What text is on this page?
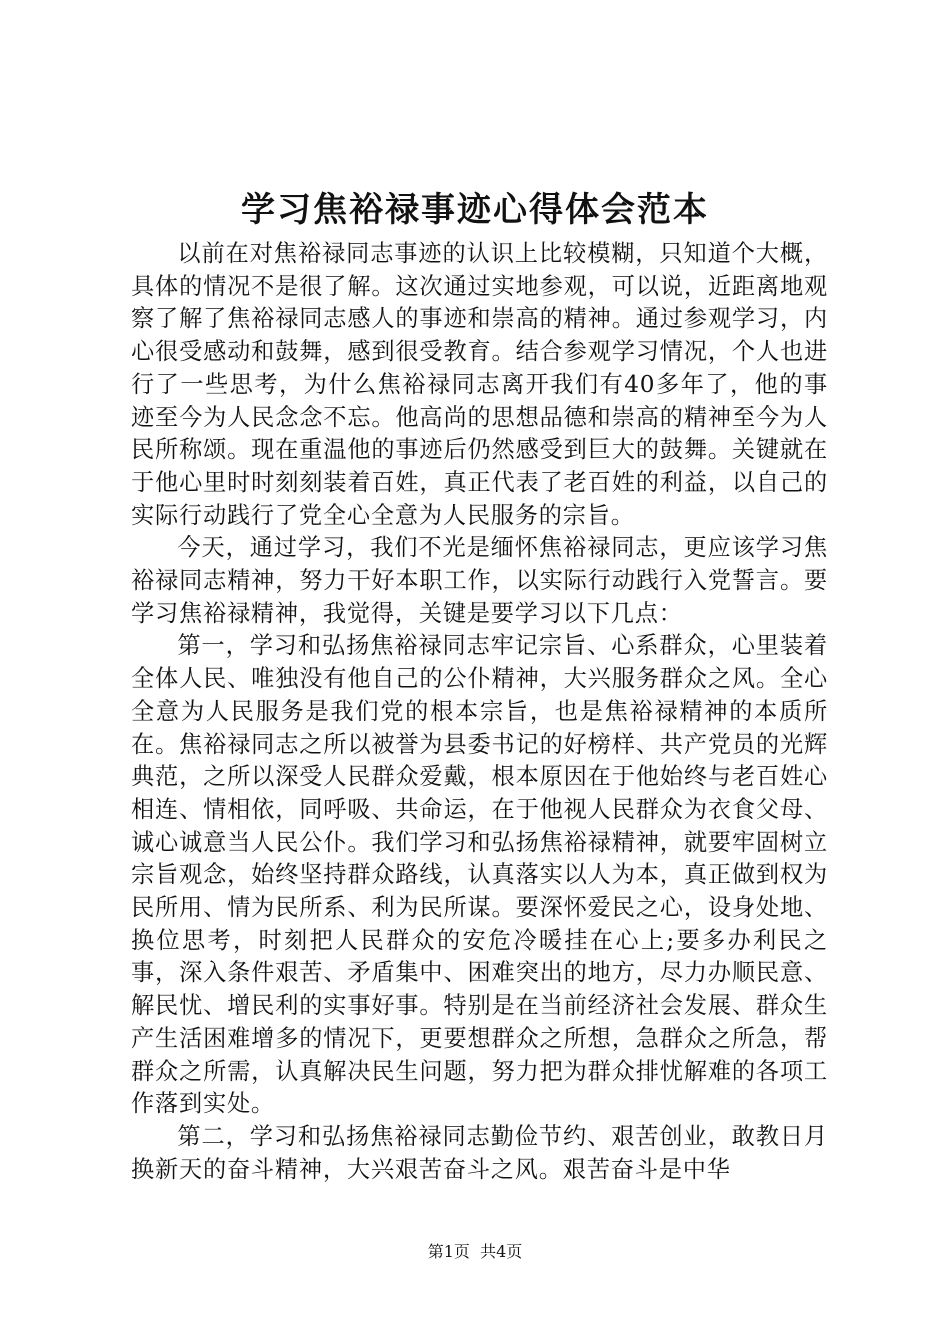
学习焦裕禄事迹心得体会范本

以前在对焦裕禄同志事迹的认识上比较模糊，只知道个大概，具体的情况不是很了解。这次通过实地参观，可以说，近距离地观察了解了焦裕禄同志感人的事迹和崇高的精神。通过参观学习，内心很受感动和鼓舞，感到很受教育。结合参观学习情况，个人也进行了一些思考，为什么焦裕禄同志离开我们有40多年了，他的事迹至今为人民念念不忘。他高尚的思想品德和崇高的精神至今为人民所称颂。现在重温他的事迹后仍然感受到巨大的鼓舞。关键就在于他心里时时刻刻装着百姓，真正代表了老百姓的利益，以自己的实际行动践行了党全心全意为人民服务的宗旨。

今天，通过学习，我们不光是缅怀焦裕禄同志，更应该学习焦裕禄同志精神，努力干好本职工作，以实际行动践行入党誓言。要学习焦裕禄精神，我觉得，关键是要学习以下几点：

第一，学习和弘扬焦裕禄同志牢记宗旨、心系群众，心里装着全体人民、唯独没有他自己的公仆精神，大兴服务群众之风。全心全意为人民服务是我们党的根本宗旨，也是焦裕禄精神的本质所在。焦裕禄同志之所以被誉为县委书记的好榜样、共产党员的光辉典范，之所以深受人民群众爱戴，根本原因在于他始终与老百姓心相连、情相依，同呼吸、共命运，在于他视人民群众为衣食父母、诚心诚意当人民公仆。我们学习和弘扬焦裕禄精神，就要牢固树立宗旨观念，始终坚持群众路线，认真落实以人为本，真正做到权为民所用、情为民所系、利为民所谋。要深怀爱民之心，设身处地、换位思考，时刻把人民群众的安危冷暖挂在心上;要多办利民之事，深入条件艰苦、矛盾集中、困难突出的地方，尽力办顺民意、解民忧、增民利的实事好事。特别是在当前经济社会发展、群众生产生活困难增多的情况下，更要想群众之所想，急群众之所急，帮群众之所需，认真解决民生问题，努力把为群众排忧解难的各项工作落到实处。

第二，学习和弘扬焦裕禄同志勤俭节约、艰苦创业，敢教日月换新天的奋斗精神，大兴艰苦奋斗之风。艰苦奋斗是中华

第1页 共4页
